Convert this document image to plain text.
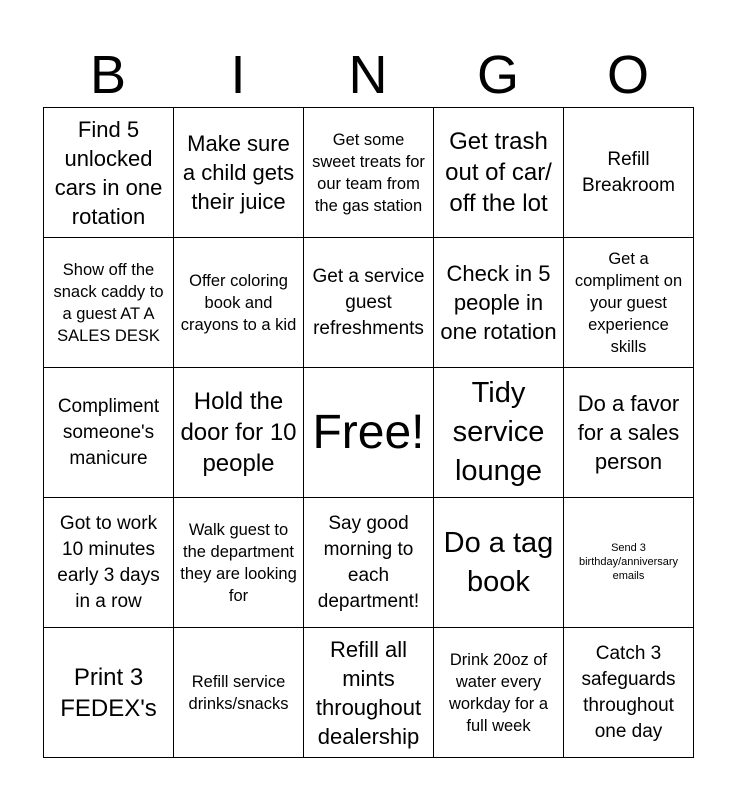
B	I	N	G	O
Find 5 unlocked cars in one rotation	Make sure a child gets their juice	Get some sweet treats for our team from the gas station	Get trash out of car/ off the lot	Refill Breakroom
Show off the snack caddy to a guest AT A SALES DESK	Offer coloring book and crayons to a kid	Get a service guest refreshments	Check in 5 people in one rotation	Get a compliment on your guest experience skills
Compliment someone's manicure	Hold the door for 10 people	Free!	Tidy service lounge	Do a favor for a sales person
Got to work 10 minutes early 3 days in a row	Walk guest to the department they are looking for	Say good morning to each department!	Do a tag book	Send 3 birthday/anniversary emails
Print 3 FEDEX's	Refill service drinks/snacks	Refill all mints throughout dealership	Drink 20oz of water every workday for a full week	Catch 3 safeguards throughout one day
